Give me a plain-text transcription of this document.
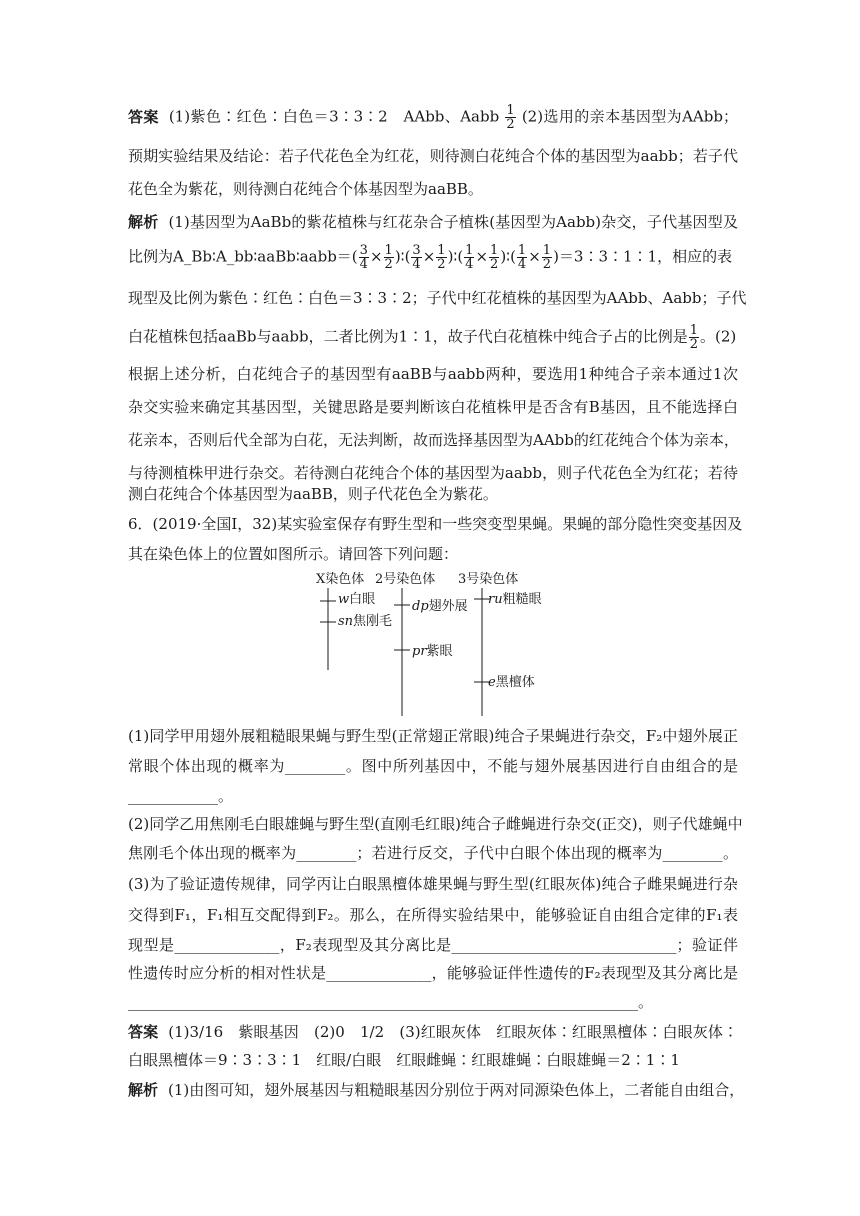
答案 (1)紫色∶红色∶白色＝3∶3∶2　AAbb、Aabb $\frac{1}{2} (2)$选用的亲本基因型为AAbb；
预期实验结果及结论：若子代花色全为红花，则待测白花纯合个体的基因型为aabb；若子代
花色全为紫花，则待测白花纯合个体基因型为aaBB。
解析 (1)基因型为AaBb的紫花植株与红花杂合子植株(基因型为Aabb)杂交，子代基因型及
比例为A_Bb∶A_bb∶aaBb∶aabb＝( $\frac{3}{4} \times \frac{1}{2}$ )∶( $\frac{3}{4} \times \frac{1}{2}$ )∶( $\frac{1}{4} \times \frac{1}{2}$ )∶( $\frac{1}{4} \times \frac{1}{2}$ )＝3∶3∶1∶1，相应的表
现型及比例为紫色∶红色∶白色＝3∶3∶2；子代中红花植株的基因型为AAbb、Aabb；子代
白花植株包括aaBb与aabb，二者比例为1∶1，故子代白花植株中纯合子占的比例是 $\frac{1}{2}$ 。(2)
根据上述分析，白花纯合子的基因型有aaBB与aabb两种，要选用1种纯合子亲本通过1次
杂交实验来确定其基因型，关键思路是要判断该白花植株甲是否含有B基因，且不能选择白
花亲本，否则后代全部为白花，无法判断，故而选择基因型为AAbb的红花纯合个体为亲本，
与待测植株甲进行杂交。若待测白花纯合个体的基因型为aabb，则子代花色全为红花；若待
测白花纯合个体基因型为aaBB，则子代花色全为紫花。
6．(2019·全国Ⅰ，32)某实验室保存有野生型和一些突变型果蝇。果蝇的部分隐性突变基因及
其在染色体上的位置如图所示。请回答下列问题：
X染色体 2号染色体 3号染色体
w白眼
sn焦刚毛
dp翅外展
pr紫眼
ru粗糙眼
e黑檀体
(1)同学甲用翅外展粗糙眼果蝇与野生型(正常翅正常眼)纯合子果蝇进行杂交，F₂中翅外展正
常眼个体出现的概率为________。图中所列基因中，不能与翅外展基因进行自由组合的是
____________。
(2)同学乙用焦刚毛白眼雄蝇与野生型(直刚毛红眼)纯合子雌蝇进行杂交(正交)，则子代雄蝇中
焦刚毛个体出现的概率为________；若进行反交，子代中白眼个体出现的概率为________。
(3)为了验证遗传规律，同学丙让白眼黑檀体雄果蝇与野生型(红眼灰体)纯合子雌果蝇进行杂
交得到F₁，F₁相互交配得到F₂。那么，在所得实验结果中，能够验证自由组合定律的F₁表
现型是______________，F₂表现型及其分离比是______________________________；验证伴
性遗传时应分析的相对性状是______________，能够验证伴性遗传的F₂表现型及其分离比是
____________________________________________________________________。
答案 (1)3/16　紫眼基因　(2)0　1/2　(3)红眼灰体　红眼灰体∶红眼黑檀体∶白眼灰体∶
白眼黑檀体＝9∶3∶3∶1　红眼/白眼　红眼雌蝇∶红眼雄蝇∶白眼雄蝇＝2∶1∶1
解析 (1)由图可知，翅外展基因与粗糙眼基因分别位于两对同源染色体上，二者能自由组合，
